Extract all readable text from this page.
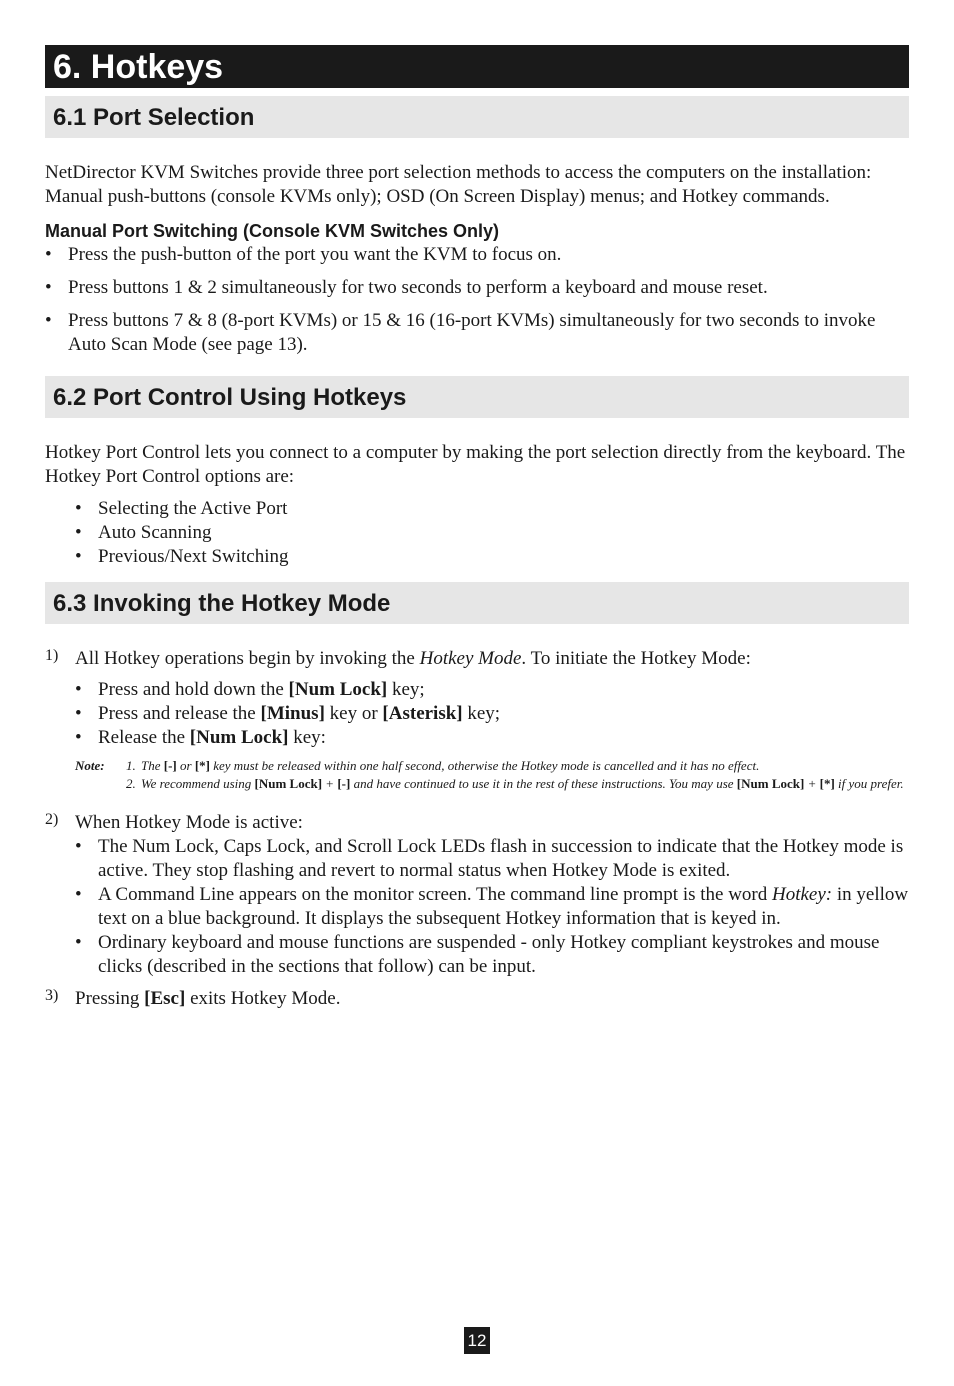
6. Hotkeys
6.1 Port Selection

NetDirector KVM Switches provide three port selection methods to access the computers on the installation: Manual push-buttons (console KVMs only); OSD (On Screen Display) menus; and Hotkey commands.

Manual Port Switching (Console KVM Switches Only)
• Press the push-button of the port you want the KVM to focus on.
• Press buttons 1 & 2 simultaneously for two seconds to perform a keyboard and mouse reset.
• Press buttons 7 & 8 (8-port KVMs) or 15 & 16 (16-port KVMs) simultaneously for two seconds to invoke Auto Scan Mode (see page 13).
6.2 Port Control Using Hotkeys

Hotkey Port Control lets you connect to a computer by making the port selection directly from the keyboard. The Hotkey Port Control options are:

• Selecting the Active Port
• Auto Scanning
• Previous/Next Switching
6.3 Invoking the Hotkey Mode
1) All Hotkey operations begin by invoking the Hotkey Mode. To initiate the Hotkey Mode:

• Press and hold down the [Num Lock] key;
• Press and release the [Minus] key or [Asterisk] key;
• Release the [Num Lock] key:
Note: 1. The [-] or [*] key must be released within one half second, otherwise the Hotkey mode is cancelled and it has no effect.
2. We recommend using [Num Lock] + [-] and have continued to use it in the rest of these instructions. You may use [Num Lock] + [*] if you prefer.
2) When Hotkey Mode is active:

• The Num Lock, Caps Lock, and Scroll Lock LEDs flash in succession to indicate that the Hotkey mode is active. They stop flashing and revert to normal status when Hotkey Mode is exited.
• A Command Line appears on the monitor screen. The command line prompt is the word Hotkey: in yellow text on a blue background. It displays the subsequent Hotkey information that is keyed in.
• Ordinary keyboard and mouse functions are suspended - only Hotkey compliant keystrokes and mouse clicks (described in the sections that follow) can be input.
3) Pressing [Esc] exits Hotkey Mode.

12
